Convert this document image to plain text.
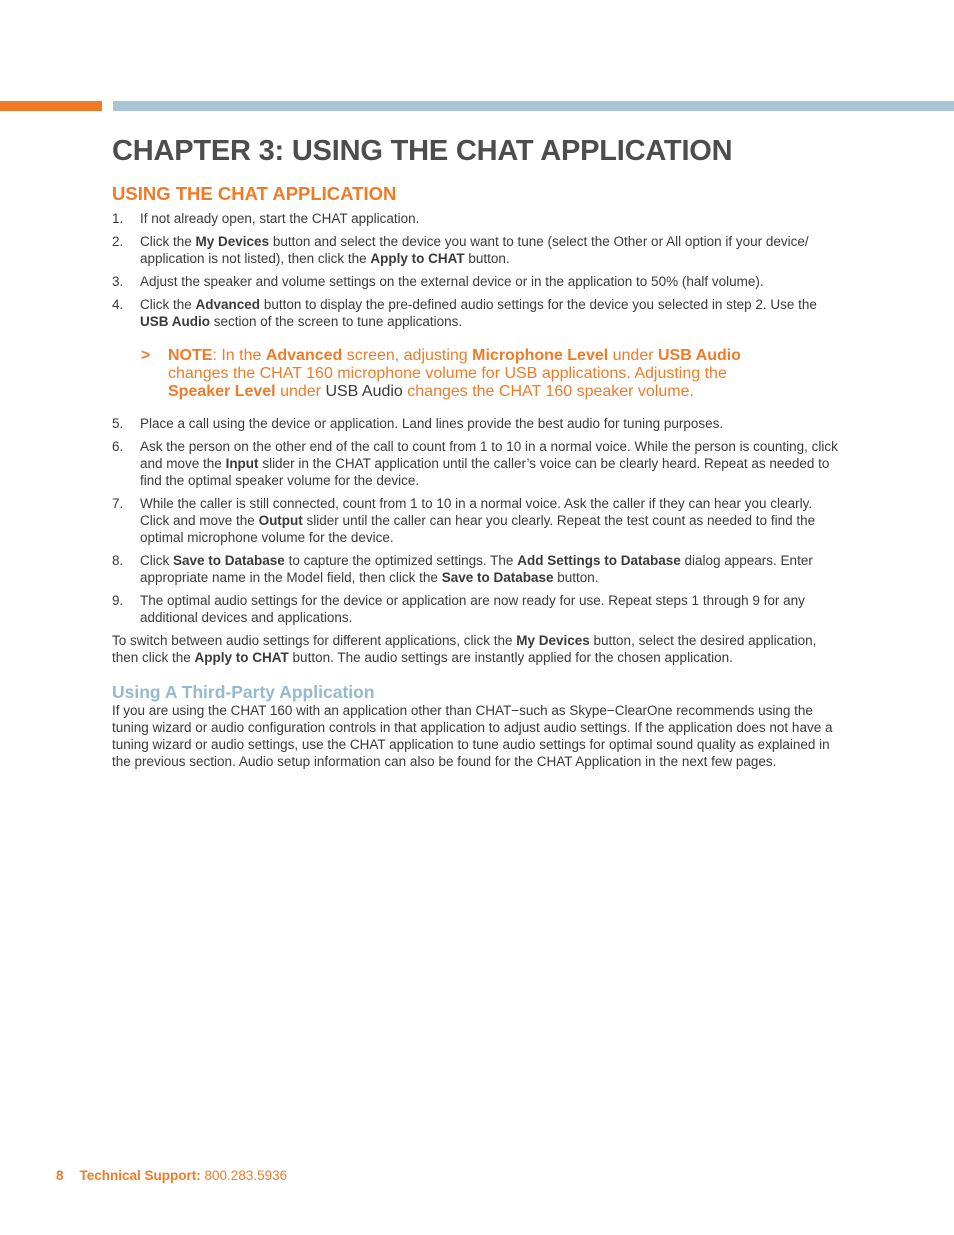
CHAPTER 3: USING THE CHAT APPLICATION
USING THE CHAT APPLICATION
1. If not already open, start the CHAT application.
2. Click the My Devices button and select the device you want to tune (select the Other or All option if your device/ application is not listed), then click the Apply to CHAT button.
3. Adjust the speaker and volume settings on the external device or in the application to 50% (half volume).
4. Click the Advanced button to display the pre-defined audio settings for the device you selected in step 2. Use the USB Audio section of the screen to tune applications.
> NOTE: In the Advanced screen, adjusting Microphone Level under USB Audio changes the CHAT 160 microphone volume for USB applications. Adjusting the Speaker Level under USB Audio changes the CHAT 160 speaker volume.
5. Place a call using the device or application. Land lines provide the best audio for tuning purposes.
6. Ask the person on the other end of the call to count from 1 to 10 in a normal voice. While the person is counting, click and move the Input slider in the CHAT application until the caller’s voice can be clearly heard. Repeat as needed to find the optimal speaker volume for the device.
7. While the caller is still connected, count from 1 to 10 in a normal voice. Ask the caller if they can hear you clearly. Click and move the Output slider until the caller can hear you clearly. Repeat the test count as needed to find the optimal microphone volume for the device.
8. Click Save to Database to capture the optimized settings. The Add Settings to Database dialog appears. Enter appropriate name in the Model field, then click the Save to Database button.
9. The optimal audio settings for the device or application are now ready for use. Repeat steps 1 through 9 for any additional devices and applications.

To switch between audio settings for different applications, click the My Devices button, select the desired application, then click the Apply to CHAT button. The audio settings are instantly applied for the chosen application.

Using A Third-Party Application

If you are using the CHAT 160 with an application other than CHAT−such as Skype−ClearOne recommends using the tuning wizard or audio configuration controls in that application to adjust audio settings. If the application does not have a tuning wizard or audio settings, use the CHAT application to tune audio settings for optimal sound quality as explained in the previous section. Audio setup information can also be found for the CHAT Application in the next few pages.

8 Technical Support: 800.283.5936
